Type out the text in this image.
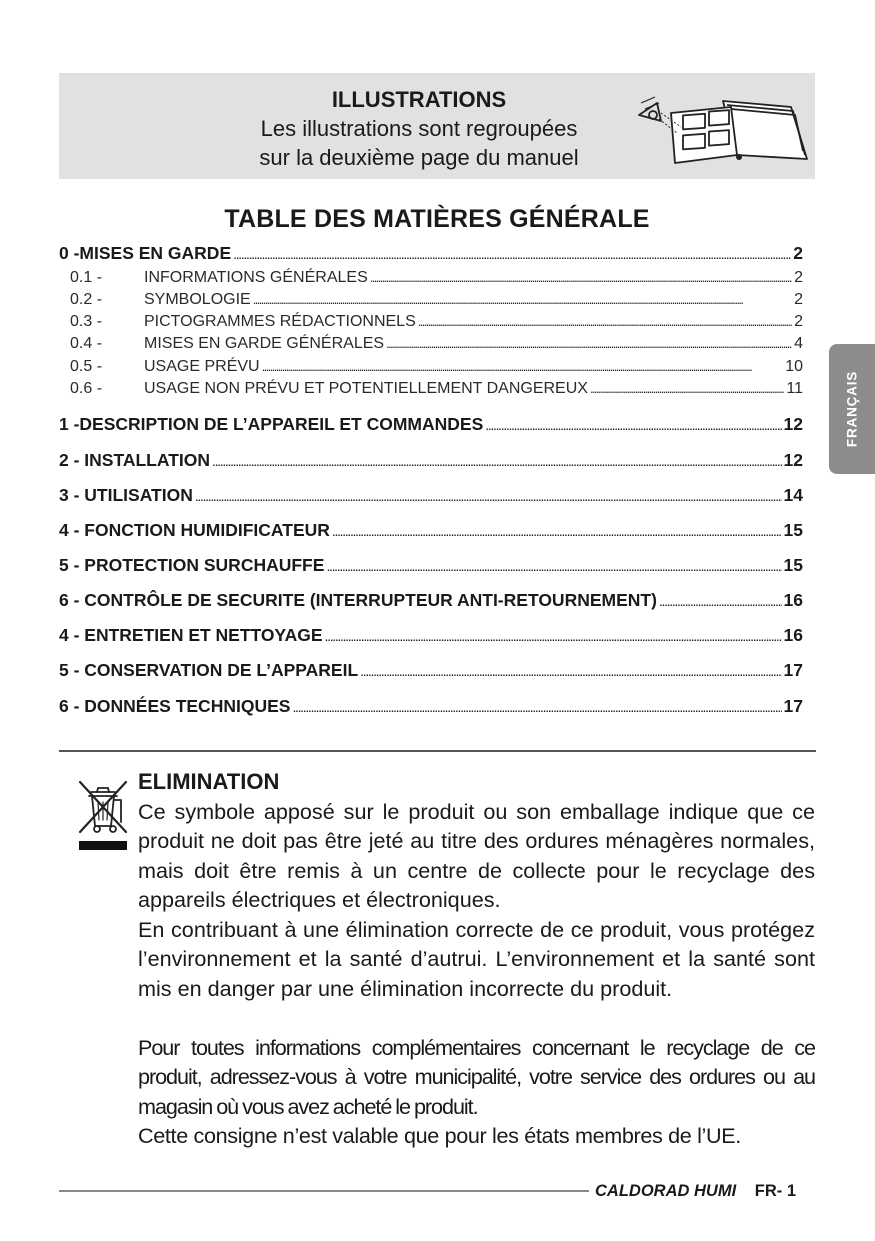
ILLUSTRATIONS
Les illustrations sont regroupées
sur la deuxième page du manuel
TABLE DES MATIÈRES GÉNÉRALE
0 -MISES EN GARDE . . .	2
0.1 -	INFORMATIONS GÉNÉRALES . . .	2
0.2 -	SYMBOLOGIE . . .	2
0.3 -	PICTOGRAMMES RÉDACTIONNELS . . .	2
0.4 -	MISES EN GARDE GÉNÉRALES . . .	4
0.5 -	USAGE PRÉVU . . .	10
0.6 -	USAGE NON PRÉVU ET POTENTIELLEMENT DANGEREUX . . .	11
1 -DESCRIPTION DE L’APPAREIL ET COMMANDES . . .	12
2 - INSTALLATION . . .	12
3 - UTILISATION . . .	14
4 - FONCTION HUMIDIFICATEUR . . .	15
5 - PROTECTION SURCHAUFFE . . .	15
6 - CONTRÔLE DE SECURITE (INTERRUPTEUR ANTI-RETOURNEMENT) . . .	16
4 - ENTRETIEN ET NETTOYAGE . . .	16
5 - CONSERVATION DE L’APPAREIL . . .	17
6 - DONNÉES TECHNIQUES . . .	17
FRANÇAIS
ELIMINATION

Ce symbole apposé sur le produit ou son emballage indique que ce produit ne doit pas être jeté au titre des ordures ménagères normales, mais doit être remis à un centre de collecte pour le recyclage des appareils électriques et électroniques.

En contribuant à une élimination correcte de ce produit, vous protégez l’environnement et la santé d’autrui. L’environnement et la santé sont mis en danger par une élimination incorrecte du produit.

Pour toutes informations complémentaires concernant le recyclage de ce produit, adressez-vous à votre municipalité, votre service des ordures ou au magasin où vous avez acheté le produit.

Cette consigne n’est valable que pour les états membres de l’UE.

CALDORAD HUMI FR- 1
